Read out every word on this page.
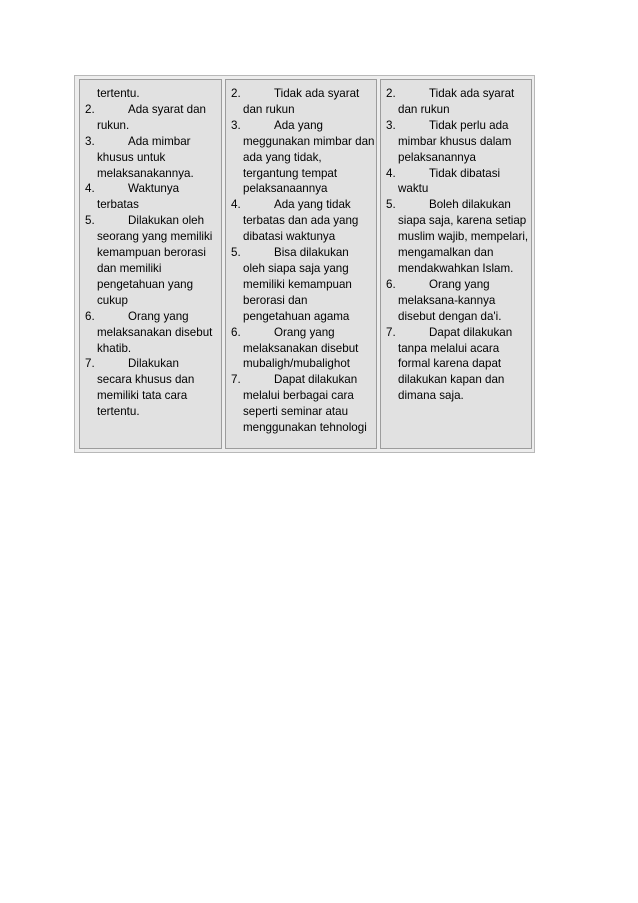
tertentu.
2.	Ada syarat dan
rukun.
3.	Ada mimbar
khusus untuk melaksanakannya.
4.	Waktunya
terbatas
5.	Dilakukan oleh
seorang yang memiliki kemampuan berorasi dan memiliki pengetahuan yang cukup
6.	Orang yang
melaksanakan disebut khatib.
7.	Dilakukan
secara khusus dan memiliki tata cara tertentu.
2.	Tidak ada syarat
dan rukun
3.	Ada yang
meggunakan mimbar dan ada yang tidak, tergantung tempat pelaksanaannya
4.	Ada yang tidak
terbatas dan ada yang dibatasi waktunya
5.	Bisa dilakukan
oleh siapa saja yang memiliki kemampuan berorasi dan pengetahuan agama
6.	Orang yang
melaksanakan disebut mubaligh/mubalighot
7.	Dapat dilakukan
melalui berbagai cara seperti seminar atau menggunakan tehnologi
2.	Tidak ada syarat
dan rukun
3.	Tidak perlu ada
mimbar khusus dalam pelaksanannya
4.	Tidak dibatasi
waktu
5.	Boleh dilakukan
siapa saja, karena setiap muslim wajib, mempelari, mengamalkan dan mendakwahkan Islam.
6.	Orang yang
melaksana-kannya disebut dengan da'i.
7.	Dapat dilakukan
tanpa melalui acara formal karena dapat dilakukan kapan dan dimana saja.
